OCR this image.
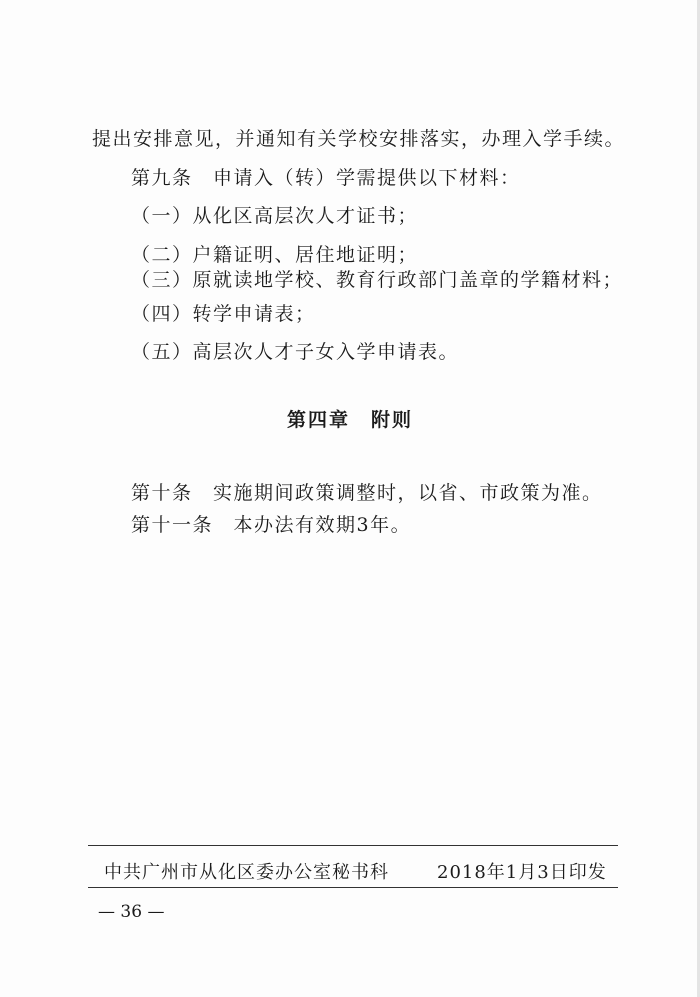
提出安排意见，并通知有关学校安排落实，办理入学手续。
第九条　申请入（转）学需提供以下材料：
（一）从化区高层次人才证书；
（二）户籍证明、居住地证明；
（三）原就读地学校、教育行政部门盖章的学籍材料；
（四）转学申请表；
（五）高层次人才子女入学申请表。
第四章　附则
第十条　实施期间政策调整时，以省、市政策为准。
第十一条　本办法有效期3年。
中共广州市从化区委办公室秘书科	2018年1月3日印发
— 36 —
